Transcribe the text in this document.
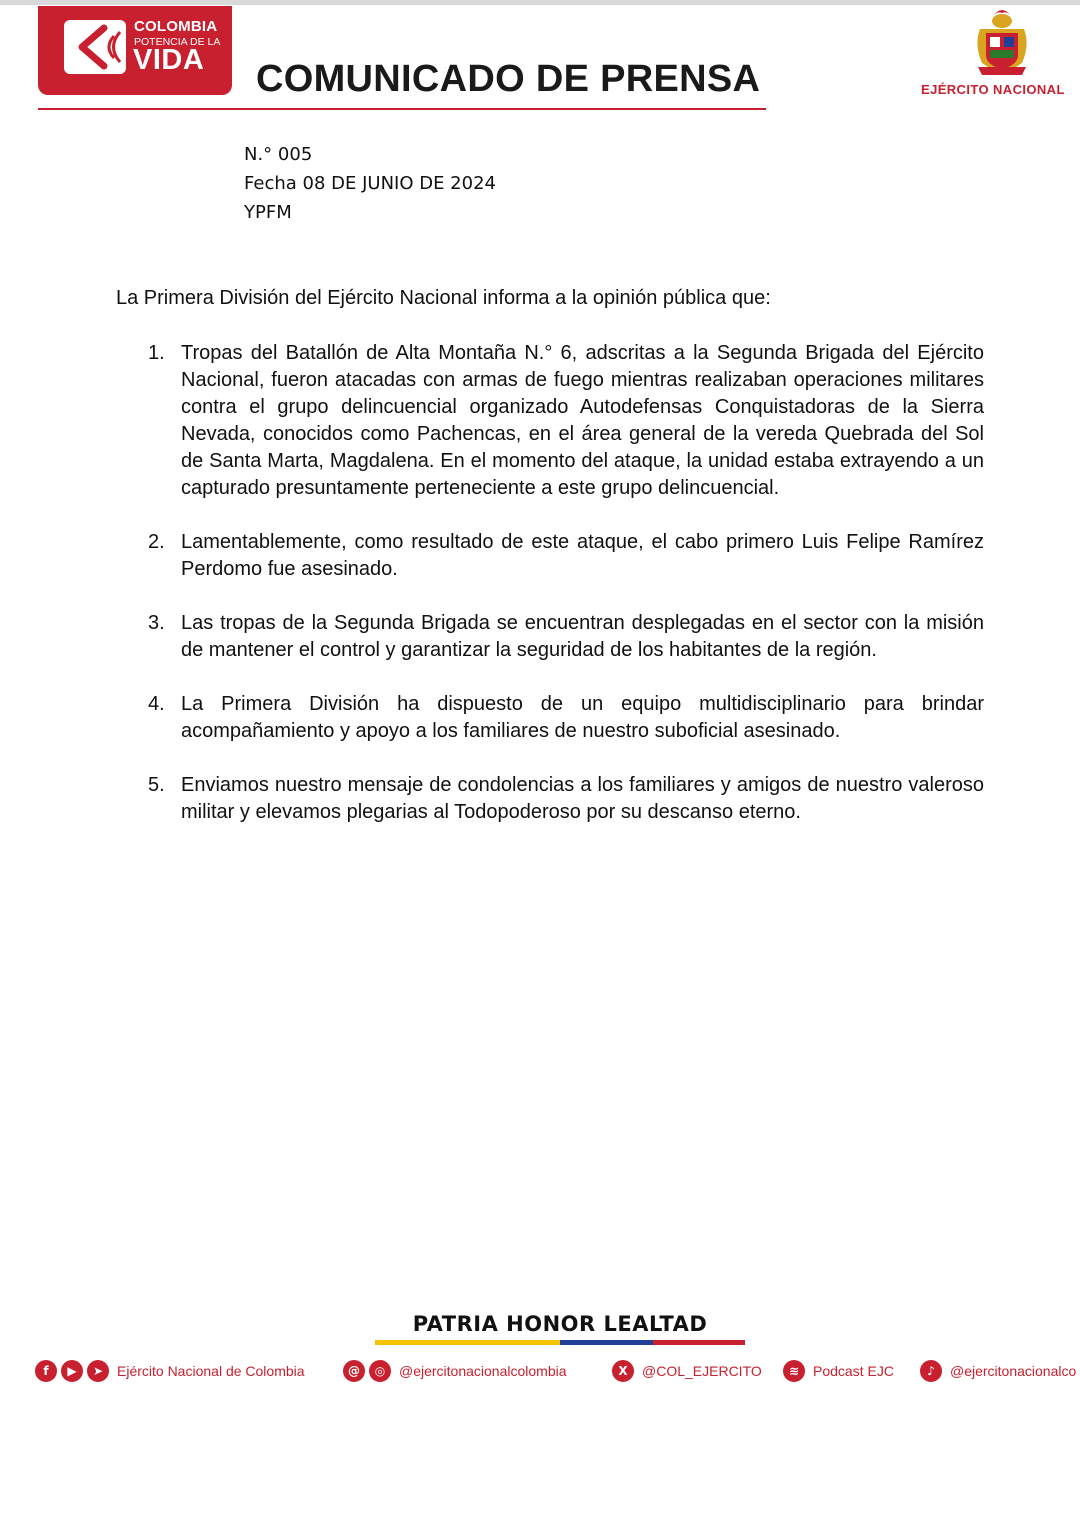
COLOMBIA
POTENCIA DE LA
VIDA COMUNICADO DE PRENSA	EJÉRCITO NACIONAL
N.° 005
Fecha 08 DE JUNIO DE 2024
YPFM
La Primera División del Ejército Nacional informa a la opinión pública que:
1. Tropas del Batallón de Alta Montaña N.° 6, adscritas a la Segunda Brigada del Ejército Nacional, fueron atacadas con armas de fuego mientras realizaban operaciones militares contra el grupo delincuencial organizado Autodefensas Conquistadoras de la Sierra Nevada, conocidos como Pachencas, en el área general de la vereda Quebrada del Sol de Santa Marta, Magdalena. En el momento del ataque, la unidad estaba extrayendo a un capturado presuntamente perteneciente a este grupo delincuencial.
2. Lamentablemente, como resultado de este ataque, el cabo primero Luis Felipe Ramírez Perdomo fue asesinado.
3. Las tropas de la Segunda Brigada se encuentran desplegadas en el sector con la misión de mantener el control y garantizar la seguridad de los habitantes de la región.
4. La Primera División ha dispuesto de un equipo multidisciplinario para brindar acompañamiento y apoyo a los familiares de nuestro suboficial asesinado.
5. Enviamos nuestro mensaje de condolencias a los familiares y amigos de nuestro valeroso militar y elevamos plegarias al Todopoderoso por su descanso eterno.
PATRIA HONOR LEALTAD
f	▶	➤ Ejército Nacional de Colombia	@	◎ @ejercitonacionalcolombia	X	@COL_EJERCITO	≋ Podcast EJC	♪	@ejercitonacionalco
